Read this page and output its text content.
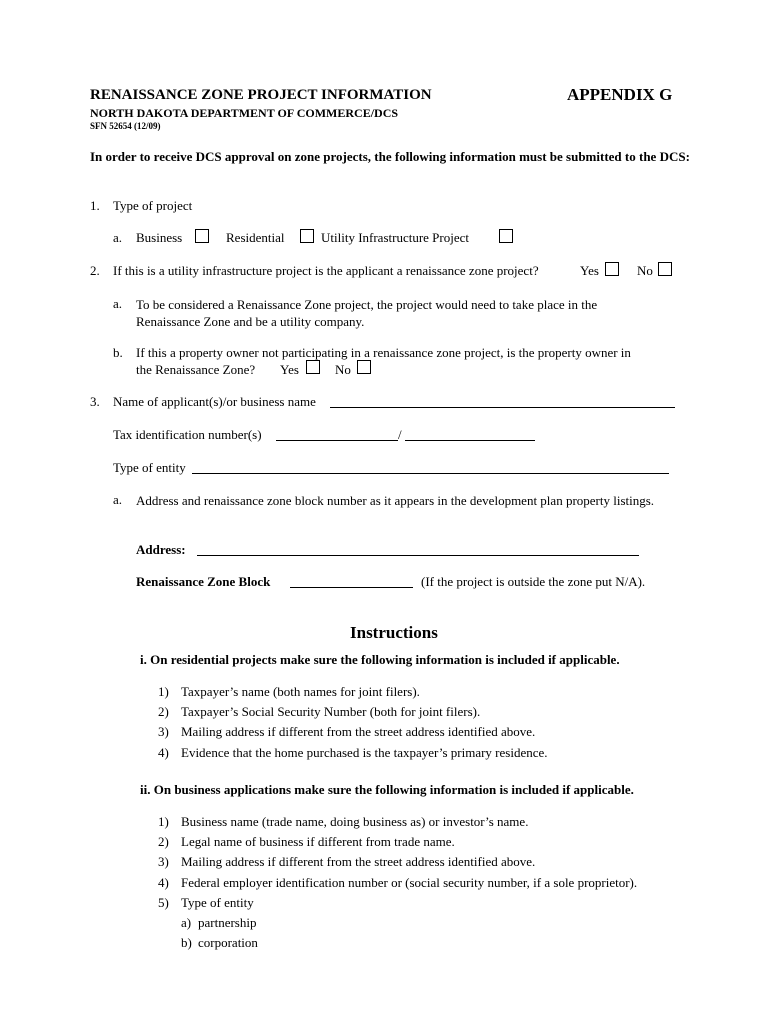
RENAISSANCE ZONE PROJECT INFORMATION	APPENDIX G
NORTH DAKOTA DEPARTMENT OF COMMERCE/DCS
SFN 52654 (12/09)
In order to receive DCS approval on zone projects, the following information must be submitted to the DCS:
1. Type of project
a. Business	Residential	Utility Infrastructure Project
2. If this is a utility infrastructure project is the applicant a renaissance zone project?	Yes	No
a. To be considered a Renaissance Zone project, the project would need to take place in the Renaissance Zone and be a utility company.
b. If this a property owner not participating in a renaissance zone project, is the property owner in
the Renaissance Zone? Yes	No
3. Name of applicant(s)/or business name
Tax identification number(s)	/
Type of entity
a. Address and renaissance zone block number as it appears in the development plan property listings.
Address:
Renaissance Zone Block	(If the project is outside the zone put N/A).
Instructions
i. On residential projects make sure the following information is included if applicable.
1) Taxpayer’s name (both names for joint filers).
2) Taxpayer’s Social Security Number (both for joint filers).
3) Mailing address if different from the street address identified above.
4) Evidence that the home purchased is the taxpayer’s primary residence.
ii. On business applications make sure the following information is included if applicable.
1) Business name (trade name, doing business as) or investor’s name.
2) Legal name of business if different from trade name.
3) Mailing address if different from the street address identified above.
4) Federal employer identification number or (social security number, if a sole proprietor).
5) Type of entity
a) partnership
b) corporation
